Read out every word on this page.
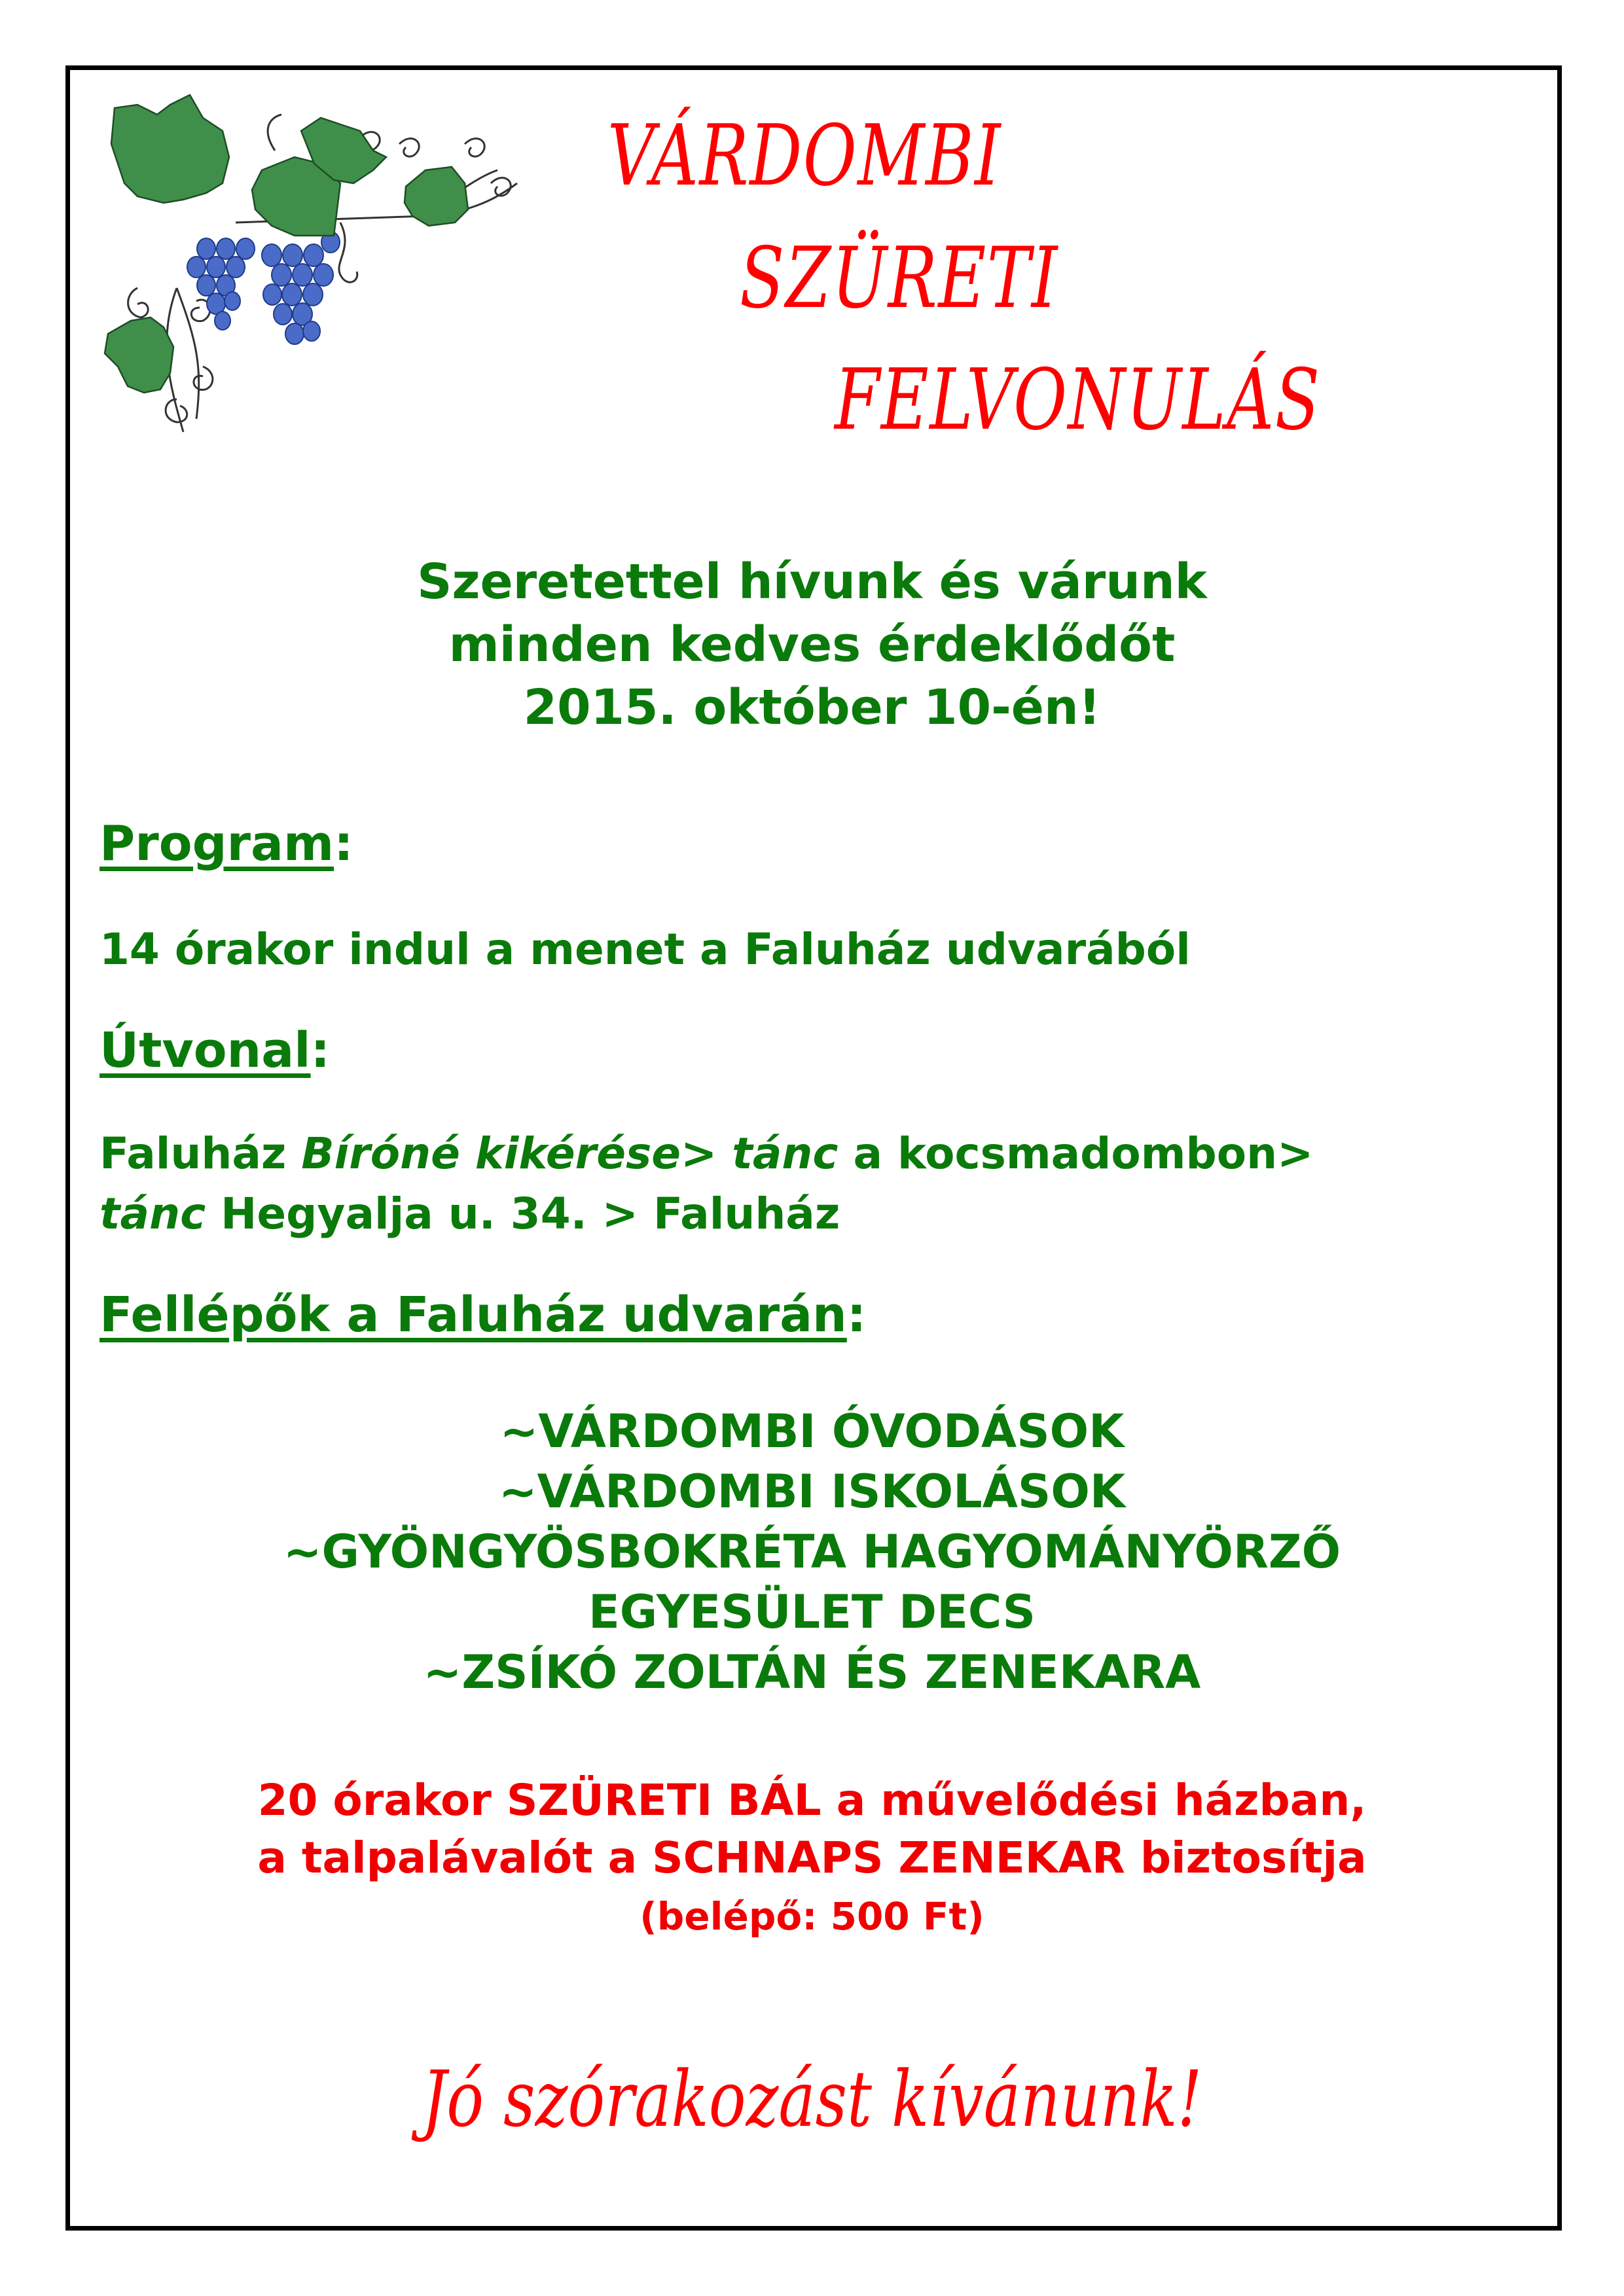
VÁRDOMBI
SZÜRETI
FELVONULÁS
Szeretettel hívunk és várunk
minden kedves érdeklődőt
2015. október 10-én!
Program:
14 órakor indul a menet a Faluház udvarából
Útvonal:
Faluház Bíróné kikérése> tánc a kocsmadombon>
tánc Hegyalja u. 34. > Faluház
Fellépők a Faluház udvarán:
~VÁRDOMBI ÓVODÁSOK
~VÁRDOMBI ISKOLÁSOK
~GYÖNGYÖSBOKRÉTA HAGYOMÁNYÖRZŐ
EGYESÜLET DECS
~ZSÍKÓ ZOLTÁN ÉS ZENEKARA
20 órakor SZÜRETI BÁL a művelődési házban,
a talpalávalót a SCHNAPS ZENEKAR biztosítja
(belépő: 500 Ft)
Jó szórakozást kívánunk!
